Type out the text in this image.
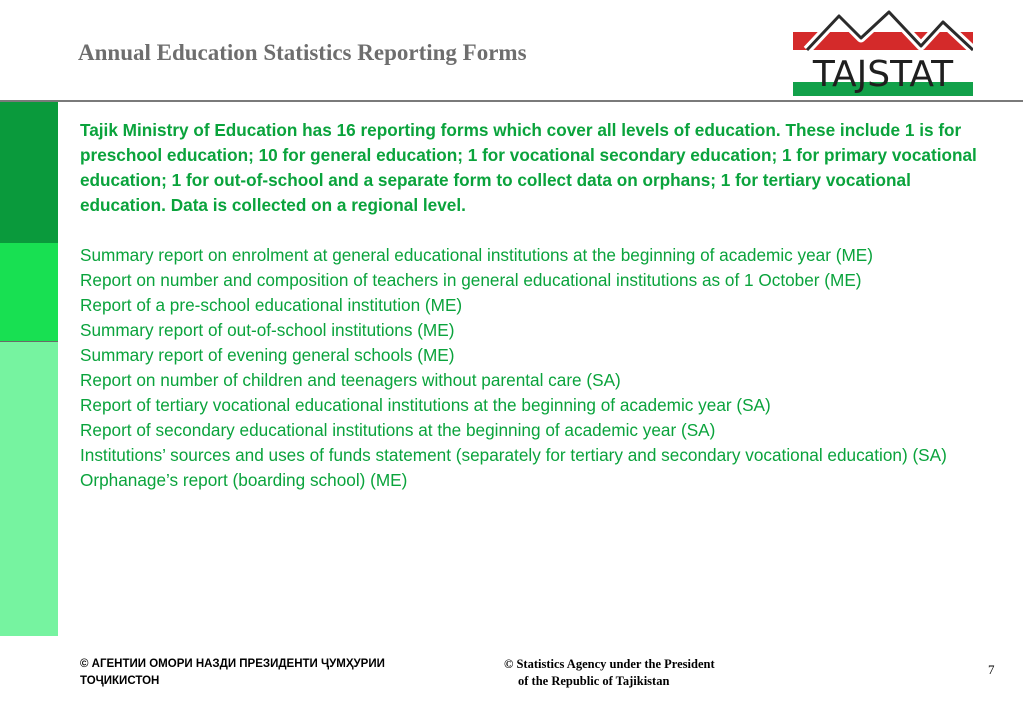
Annual Education Statistics Reporting Forms
TAJSTAT

Tajik Ministry of Education has 16 reporting forms which cover all levels of education. These include 1 is for preschool education; 10 for general education; 1 for vocational secondary education; 1 for primary vocational education; 1 for out-of-school and a separate form to collect data on orphans; 1 for tertiary vocational education. Data is collected on a regional level.

Summary report on enrolment at general educational institutions at the beginning of academic year (ME)
Report on number and composition of teachers in general educational institutions as of 1 October (ME)
Report of a pre-school educational institution (ME)
Summary report of out-of-school institutions (ME)
Summary report of evening general schools (ME)
Report on number of children and teenagers without parental care (SA)
Report of tertiary vocational educational institutions at the beginning of academic year (SA)
Report of secondary educational institutions at the beginning of academic year (SA)
Institutions’ sources and uses of funds statement (separately for tertiary and secondary vocational education) (SA)
Orphanage’s report (boarding school) (ME)
© АГЕНТИИ ОМОРИ НАЗДИ ПРЕЗИДЕНТИ ҶУМҲУРИИ ТОҶИКИСТОН
© Statistics Agency under the President
of the Republic of Tajikistan
7
